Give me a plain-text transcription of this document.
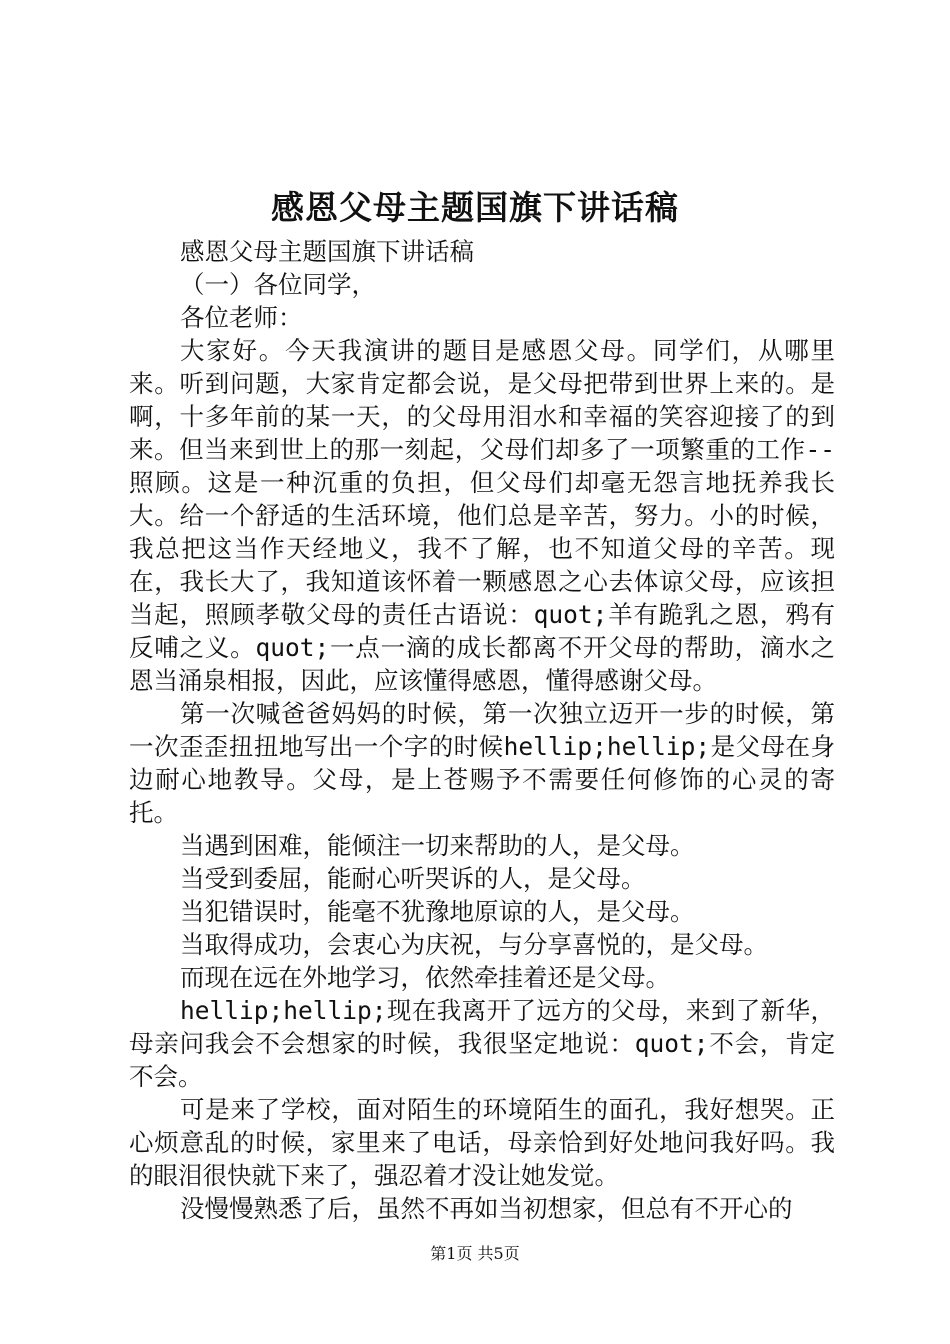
感恩父母主题国旗下讲话稿

感恩父母主题国旗下讲话稿

（一）各位同学，

各位老师：

大家好。今天我演讲的题目是感恩父母。同学们，从哪里来。听到问题，大家肯定都会说，是父母把带到世界上来的。是啊，十多年前的某一天，的父母用泪水和幸福的笑容迎接了的到来。但当来到世上的那一刻起，父母们却多了一项繁重的工作--照顾。这是一种沉重的负担，但父母们却毫无怨言地抚养我长大。给一个舒适的生活环境，他们总是辛苦，努力。小的时候，我总把这当作天经地义，我不了解，也不知道父母的辛苦。现在，我长大了，我知道该怀着一颗感恩之心去体谅父母，应该担当起，照顾孝敬父母的责任古语说：quot;羊有跪乳之恩，鸦有反哺之义。quot;一点一滴的成长都离不开父母的帮助，滴水之恩当涌泉相报，因此，应该懂得感恩，懂得感谢父母。

第一次喊爸爸妈妈的时候，第一次独立迈开一步的时候，第一次歪歪扭扭地写出一个字的时候hellip;hellip;是父母在身边耐心地教导。父母，是上苍赐予不需要任何修饰的心灵的寄托。

当遇到困难，能倾注一切来帮助的人，是父母。

当受到委屈，能耐心听哭诉的人，是父母。

当犯错误时，能毫不犹豫地原谅的人，是父母。

当取得成功，会衷心为庆祝，与分享喜悦的，是父母。

而现在远在外地学习，依然牵挂着还是父母。

hellip;hellip;现在我离开了远方的父母，来到了新华，母亲问我会不会想家的时候，我很坚定地说：quot;不会，肯定不会。

可是来了学校，面对陌生的环境陌生的面孔，我好想哭。正心烦意乱的时候，家里来了电话，母亲恰到好处地问我好吗。我的眼泪很快就下来了，强忍着才没让她发觉。

没慢慢熟悉了后，虽然不再如当初想家，但总有不开心的

第1页 共5页
